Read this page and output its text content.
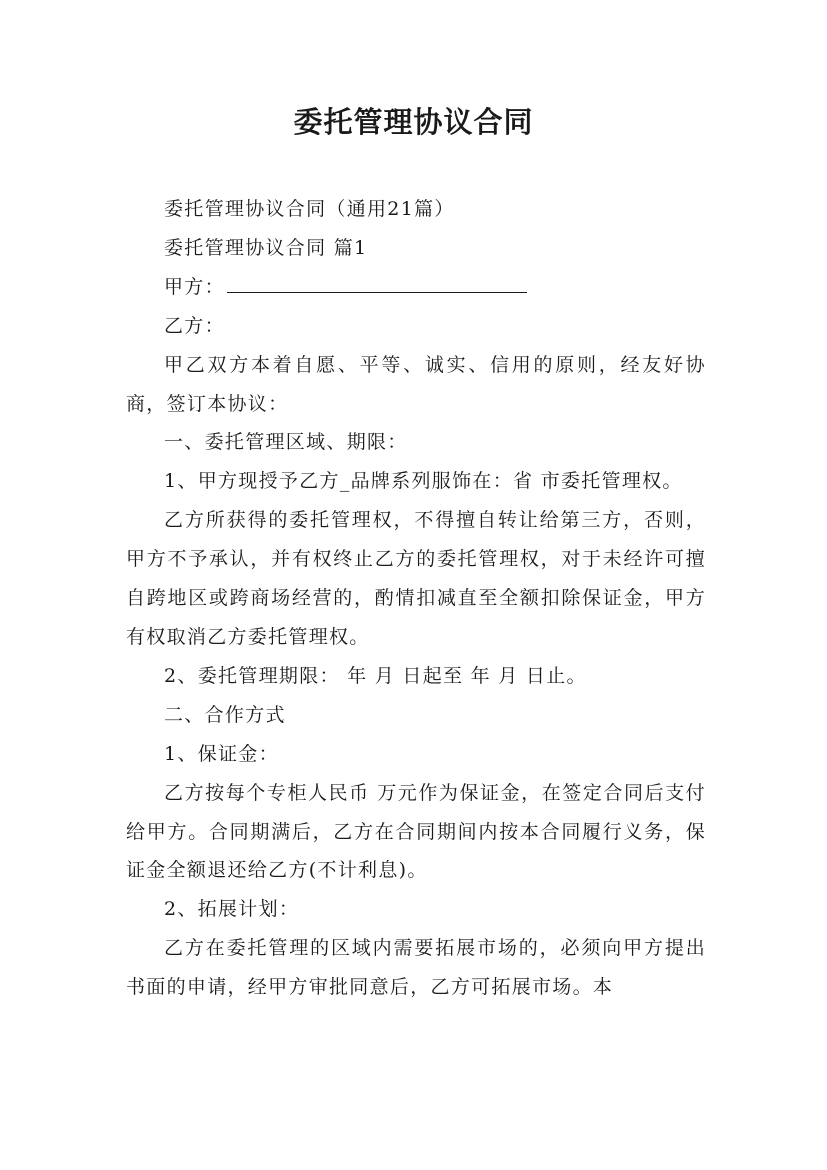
委托管理协议合同

委托管理协议合同（通用21篇）

委托管理协议合同 篇1

甲方：

乙方：

甲乙双方本着自愿、平等、诚实、信用的原则，经友好协商，签订本协议：

一、委托管理区域、期限：

1、甲方现授予乙方_品牌系列服饰在：省 市委托管理权。

乙方所获得的委托管理权，不得擅自转让给第三方，否则，甲方不予承认，并有权终止乙方的委托管理权，对于未经许可擅自跨地区或跨商场经营的，酌情扣减直至全额扣除保证金，甲方有权取消乙方委托管理权。

2、委托管理期限： 年 月 日起至 年 月 日止。

二、合作方式

1、保证金：

乙方按每个专柜人民币 万元作为保证金，在签定合同后支付给甲方。合同期满后，乙方在合同期间内按本合同履行义务，保证金全额退还给乙方(不计利息)。

2、拓展计划：

乙方在委托管理的区域内需要拓展市场的，必须向甲方提出书面的申请，经甲方审批同意后，乙方可拓展市场。本
